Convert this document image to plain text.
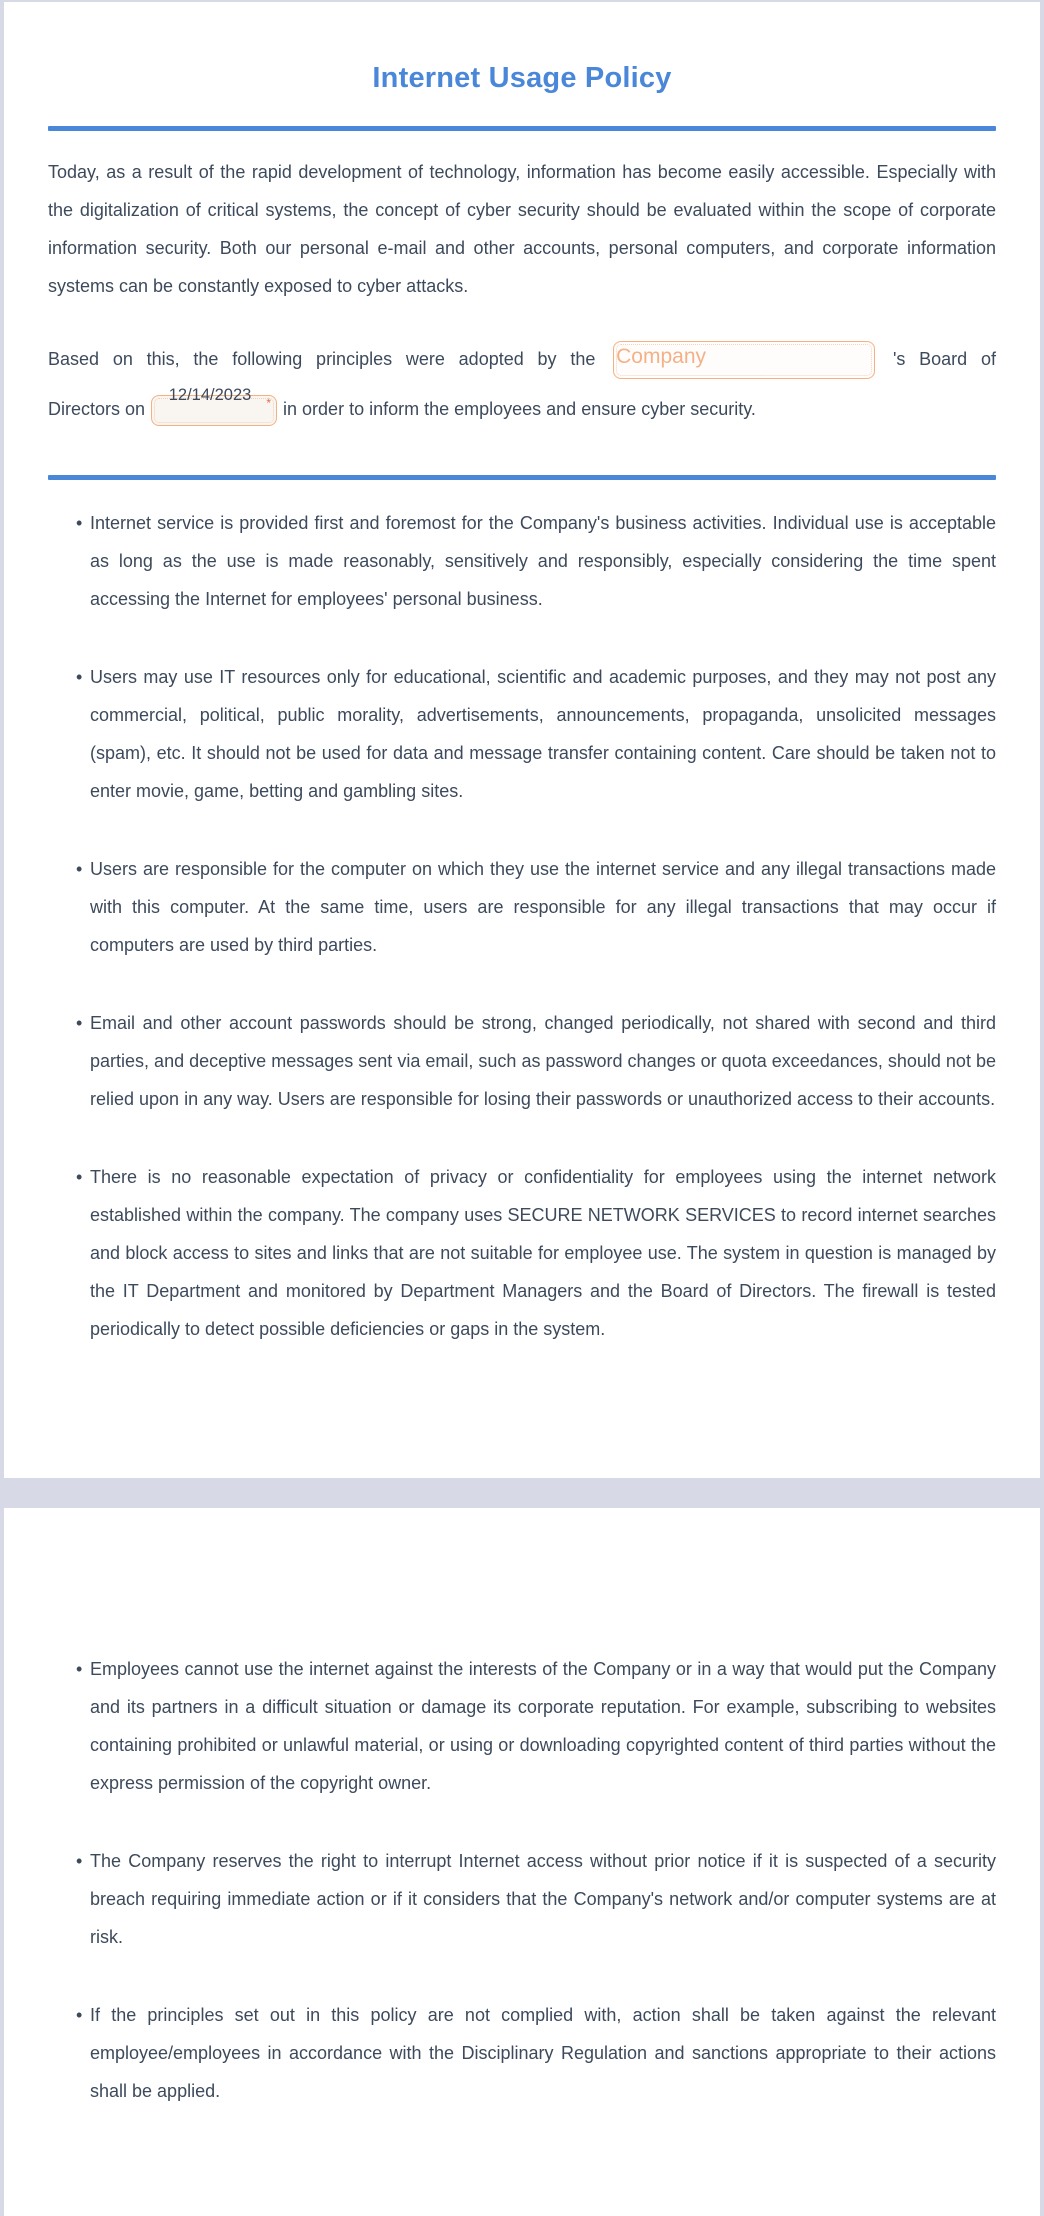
Internet Usage Policy

Today, as a result of the rapid development of technology, information has become easily accessible. Especially with the digitalization of critical systems, the concept of cyber security should be evaluated within the scope of corporate information security. Both our personal e-mail and other accounts, personal computers, and corporate information systems can be constantly exposed to cyber attacks.

Based on this, the following principles were adopted by the Company	's Board of
Directors on
12/14/2023	* in order to inform the employees and ensure cyber security.
• Internet service is provided first and foremost for the Company's business activities. Individual use is acceptable as long as the use is made reasonably, sensitively and responsibly, especially considering the time spent accessing the Internet for employees' personal business.
• Users may use IT resources only for educational, scientific and academic purposes, and they may not post any commercial, political, public morality, advertisements, announcements, propaganda, unsolicited messages (spam), etc. It should not be used for data and message transfer containing content. Care should be taken not to enter movie, game, betting and gambling sites.
• Users are responsible for the computer on which they use the internet service and any illegal transactions made with this computer. At the same time, users are responsible for any illegal transactions that may occur if computers are used by third parties.
• Email and other account passwords should be strong, changed periodically, not shared with second and third parties, and deceptive messages sent via email, such as password changes or quota exceedances, should not be relied upon in any way. Users are responsible for losing their passwords or unauthorized access to their accounts.
• There is no reasonable expectation of privacy or confidentiality for employees using the internet network established within the company. The company uses SECURE NETWORK SERVICES to record internet searches and block access to sites and links that are not suitable for employee use. The system in question is managed by the IT Department and monitored by Department Managers and the Board of Directors. The firewall is tested periodically to detect possible deficiencies or gaps in the system.
• Employees cannot use the internet against the interests of the Company or in a way that would put the Company and its partners in a difficult situation or damage its corporate reputation. For example, subscribing to websites containing prohibited or unlawful material, or using or downloading copyrighted content of third parties without the express permission of the copyright owner.
• The Company reserves the right to interrupt Internet access without prior notice if it is suspected of a security breach requiring immediate action or if it considers that the Company's network and/or computer systems are at risk.
• If the principles set out in this policy are not complied with, action shall be taken against the relevant employee/employees in accordance with the Disciplinary Regulation and sanctions appropriate to their actions shall be applied.
